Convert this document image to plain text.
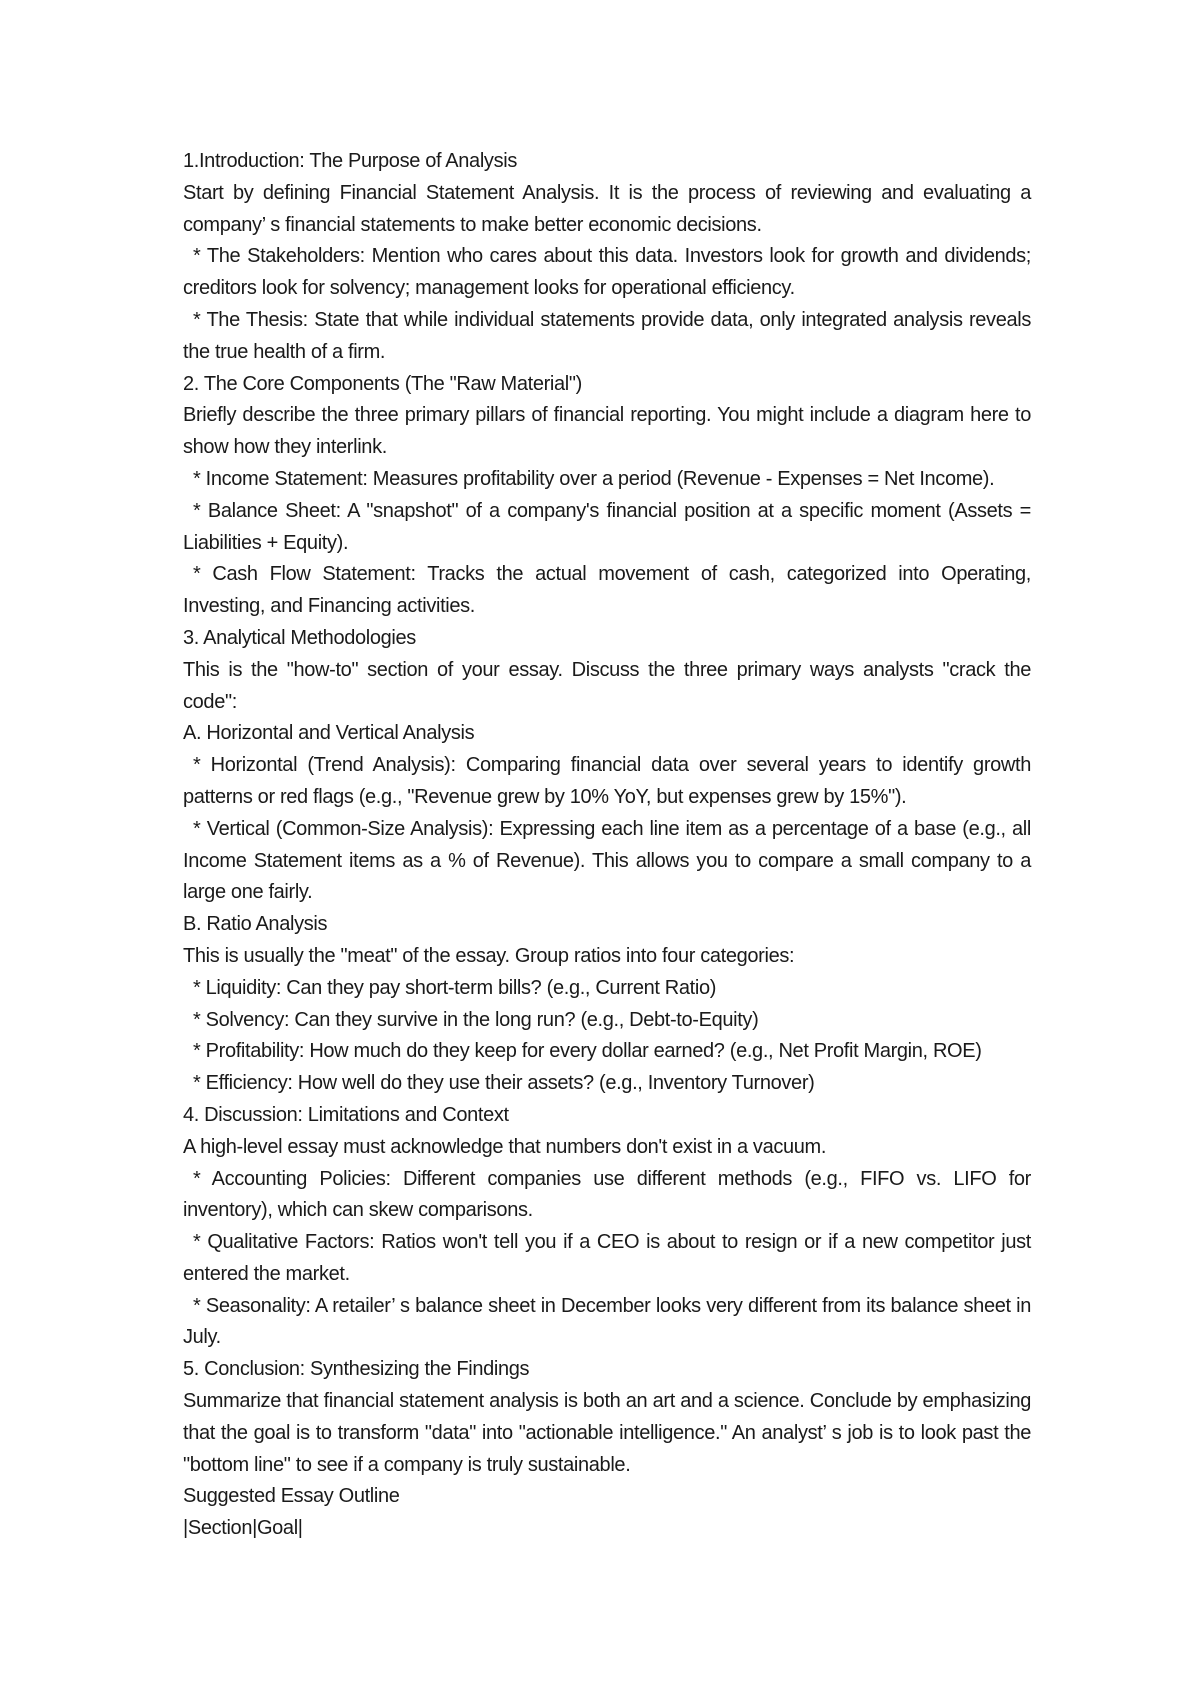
1.Introduction: The Purpose of Analysis

Start by defining Financial Statement Analysis. It is the process of reviewing and evaluating a company’ s financial statements to make better economic decisions.

* The Stakeholders: Mention who cares about this data. Investors look for growth and dividends; creditors look for solvency; management looks for operational efficiency.

* The Thesis: State that while individual statements provide data, only integrated analysis reveals the true health of a firm.

2. The Core Components (The "Raw Material")

Briefly describe the three primary pillars of financial reporting. You might include a diagram here to show how they interlink.

* Income Statement: Measures profitability over a period (Revenue - Expenses = Net Income).

* Balance Sheet: A "snapshot" of a company's financial position at a specific moment (Assets = Liabilities + Equity).

* Cash Flow Statement: Tracks the actual movement of cash, categorized into Operating, Investing, and Financing activities.

3. Analytical Methodologies

This is the "how-to" section of your essay. Discuss the three primary ways analysts "crack the code":

A. Horizontal and Vertical Analysis

* Horizontal (Trend Analysis): Comparing financial data over several years to identify growth patterns or red flags (e.g., "Revenue grew by 10% YoY, but expenses grew by 15%").

* Vertical (Common-Size Analysis): Expressing each line item as a percentage of a base (e.g., all Income Statement items as a % of Revenue). This allows you to compare a small company to a large one fairly.

B. Ratio Analysis

This is usually the "meat" of the essay. Group ratios into four categories:

* Liquidity: Can they pay short-term bills? (e.g., Current Ratio)

* Solvency: Can they survive in the long run? (e.g., Debt-to-Equity)

* Profitability: How much do they keep for every dollar earned? (e.g., Net Profit Margin, ROE)

* Efficiency: How well do they use their assets? (e.g., Inventory Turnover)

4. Discussion: Limitations and Context

A high-level essay must acknowledge that numbers don't exist in a vacuum.

* Accounting Policies: Different companies use different methods (e.g., FIFO vs. LIFO for inventory), which can skew comparisons.

* Qualitative Factors: Ratios won't tell you if a CEO is about to resign or if a new competitor just entered the market.

* Seasonality: A retailer’ s balance sheet in December looks very different from its balance sheet in July.

5. Conclusion: Synthesizing the Findings

Summarize that financial statement analysis is both an art and a science. Conclude by emphasizing that the goal is to transform "data" into "actionable intelligence." An analyst’ s job is to look past the "bottom line" to see if a company is truly sustainable.

Suggested Essay Outline

|Section|Goal|
